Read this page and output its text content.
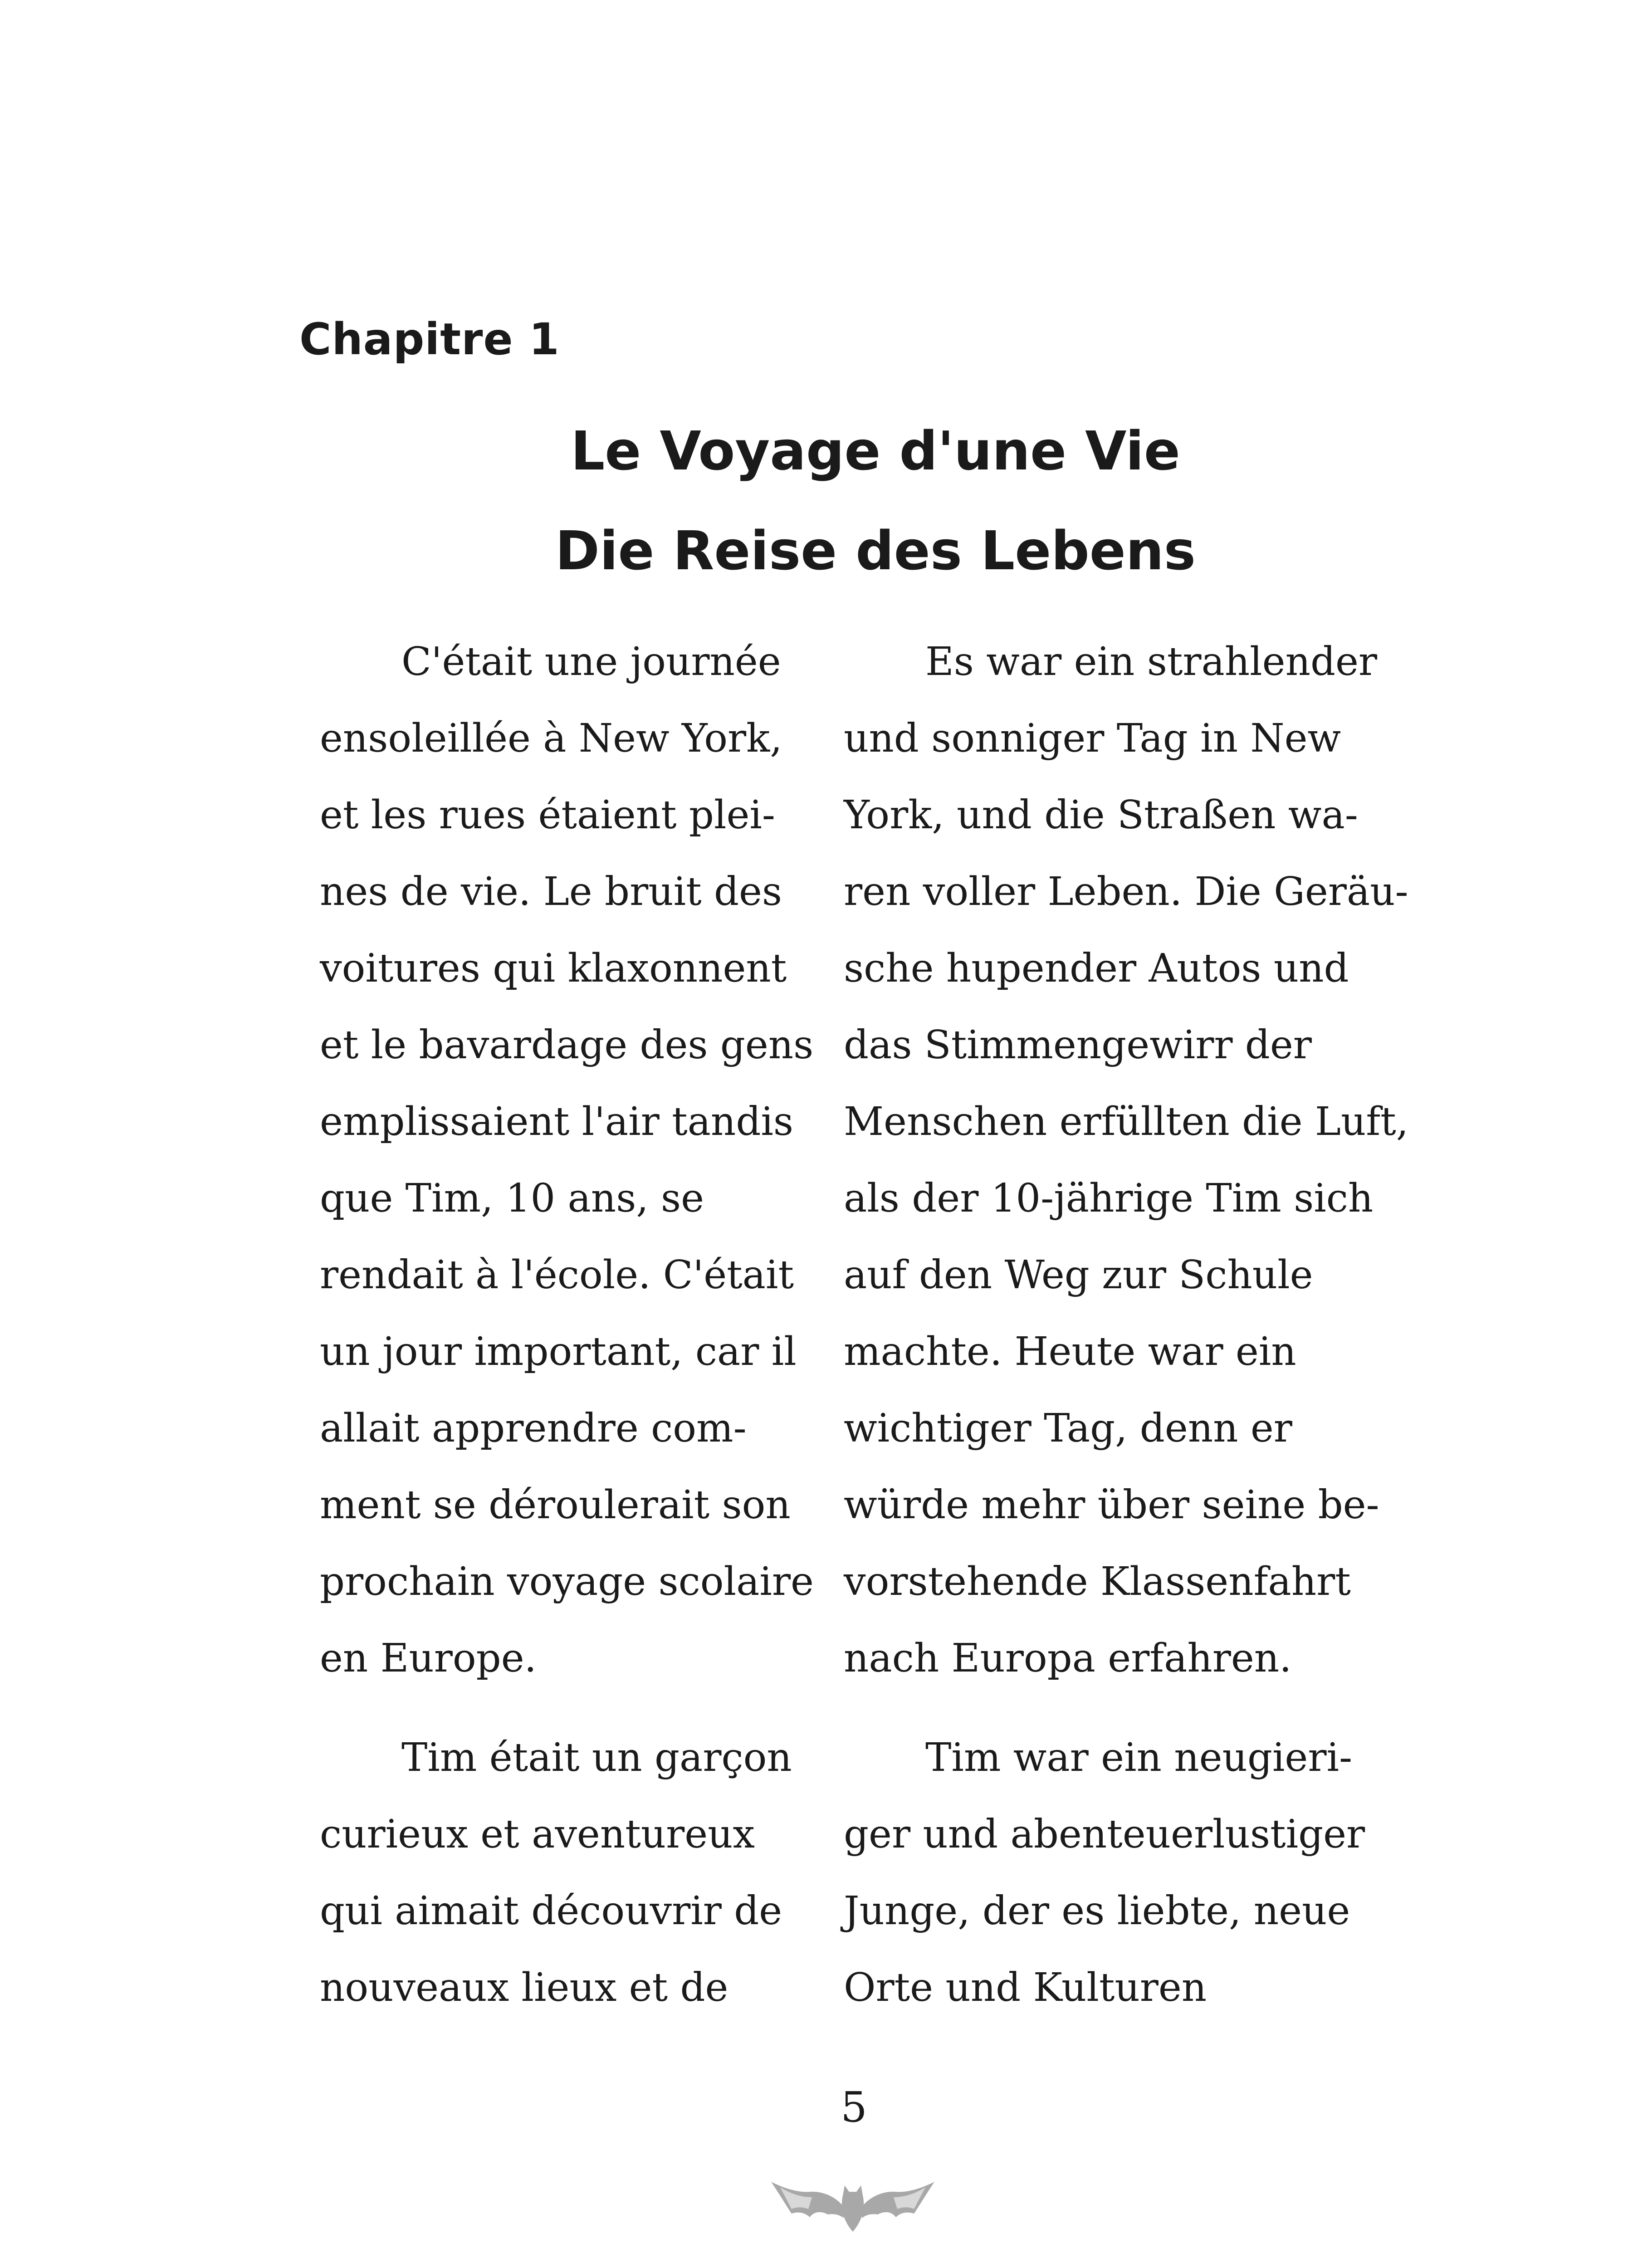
Chapitre 1
Le Voyage d'une Vie
Die Reise des Lebens

C'était une journée
ensoleillée à New York,
et les rues étaient plei-
nes de vie. Le bruit des
voitures qui klaxonnent
et le bavardage des gens
emplissaient l'air tandis
que Tim, 10 ans, se
rendait à l'école. C'était
un jour important, car il
allait apprendre com-
ment se déroulerait son
prochain voyage scolaire
en Europe.

Tim était un garçon
curieux et aventureux
qui aimait découvrir de
nouveaux lieux et de

Es war ein strahlender
und sonniger Tag in New
York, und die Straßen wa-
ren voller Leben. Die Geräu-
sche hupender Autos und
das Stimmengewirr der
Menschen erfüllten die Luft,
als der 10-jährige Tim sich
auf den Weg zur Schule
machte. Heute war ein
wichtiger Tag, denn er
würde mehr über seine be-
vorstehende Klassenfahrt
nach Europa erfahren.

Tim war ein neugieri-
ger und abenteuerlustiger
Junge, der es liebte, neue
Orte und Kulturen

5
